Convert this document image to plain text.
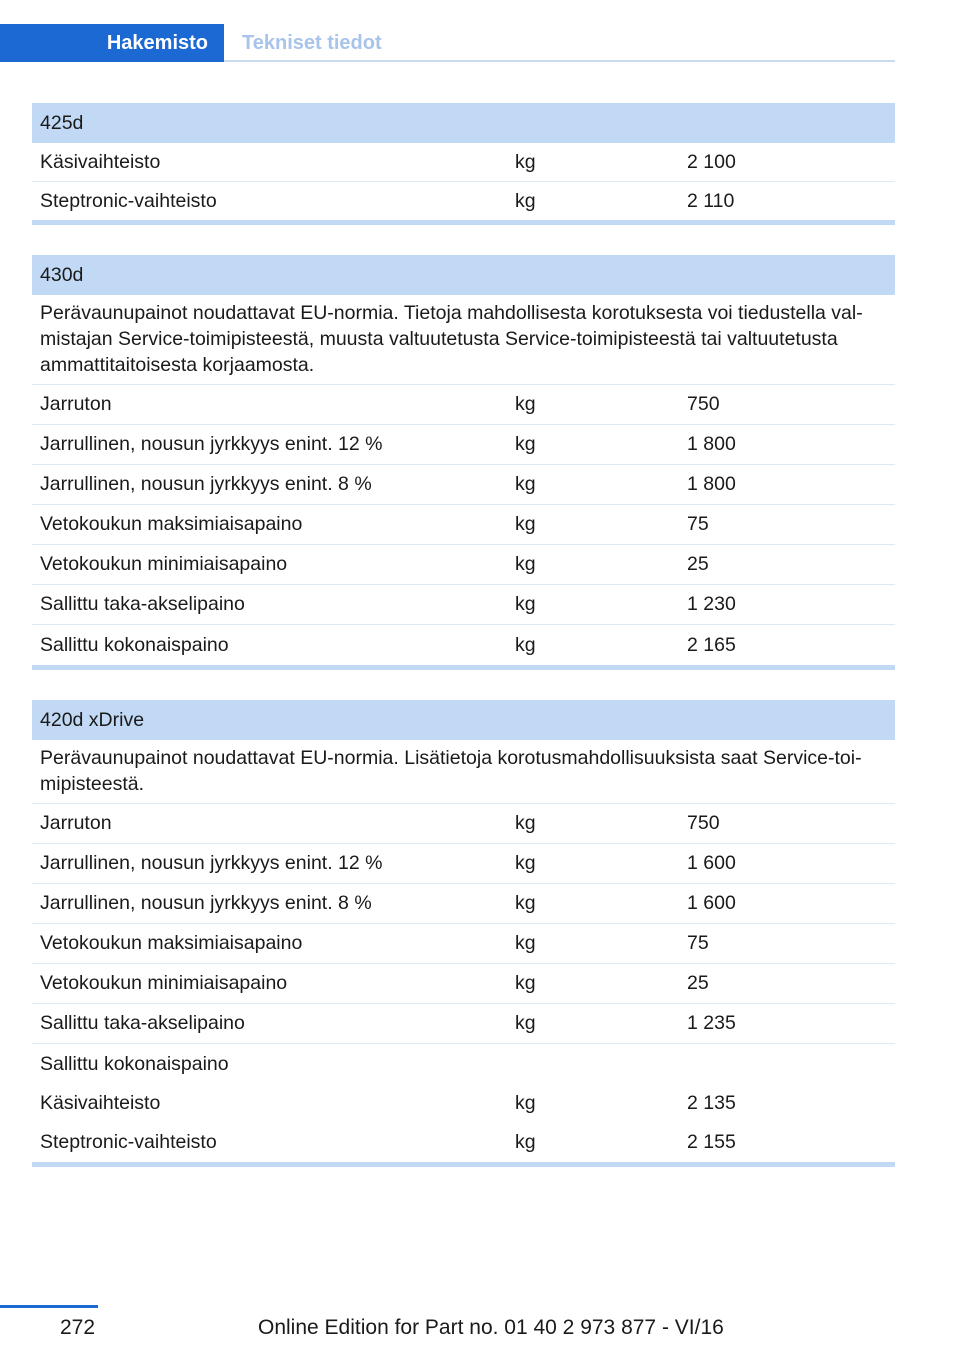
Hakemisto Tekniset tiedot
425d
Käsivaihteisto	kg	2 100
Steptronic-vaihteisto	kg	2 110
430d
Perävaunupainot noudattavat EU-normia. Tietoja mahdollisesta korotuksesta voi tiedustella val-mistajan Service-toimipisteestä, muusta valtuutetusta Service-toimipisteestä tai valtuutetusta ammattitaitoisesta korjaamosta.
Jarruton	kg	750
Jarrullinen, nousun jyrkkyys enint. 12 %	kg	1 800
Jarrullinen, nousun jyrkkyys enint. 8 %	kg	1 800
Vetokoukun maksimiaisapaino	kg	75
Vetokoukun minimiaisapaino	kg	25
Sallittu taka-akselipaino	kg	1 230
Sallittu kokonaispaino	kg	2 165
420d xDrive
Perävaunupainot noudattavat EU-normia. Lisätietoja korotusmahdollisuuksista saat Service-toi-mipisteestä.
Jarruton	kg	750
Jarrullinen, nousun jyrkkyys enint. 12 %	kg	1 600
Jarrullinen, nousun jyrkkyys enint. 8 %	kg	1 600
Vetokoukun maksimiaisapaino	kg	75
Vetokoukun minimiaisapaino	kg	25
Sallittu taka-akselipaino	kg	1 235
Sallittu kokonaispaino
Käsivaihteisto	kg	2 135
Steptronic-vaihteisto	kg	2 155
272	Online Edition for Part no. 01 40 2 973 877 - VI/16
